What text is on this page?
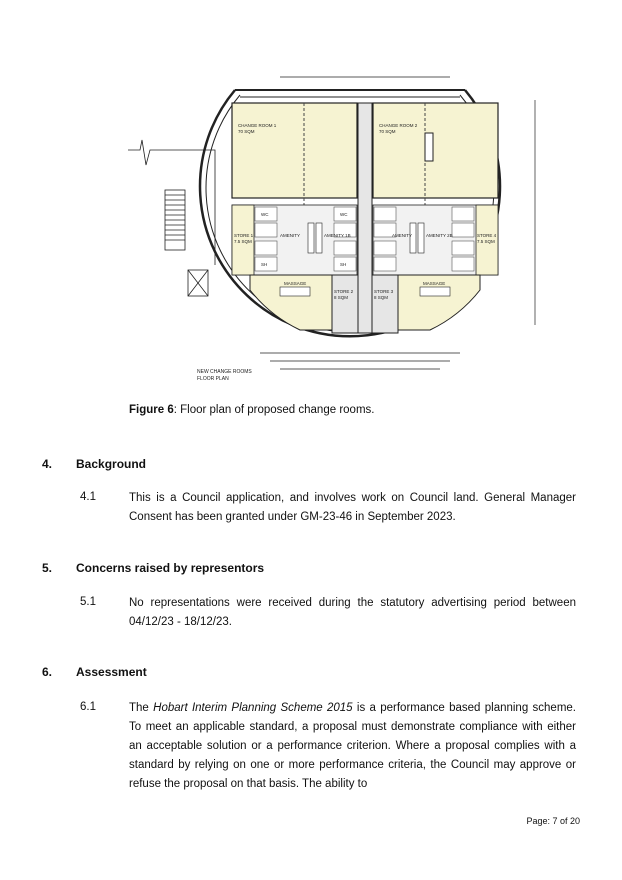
CHANGE ROOM 1
70 SQM
CHANGE ROOM 2
70 SQM
STORE 1
7.5 SQM
STORE 4
7.5 SQM
STORE 2
8 SQM
STORE 3
8 SQM
MASSAGE	MASSAGE
AMENITY	AMENITY 1B	AMENITY	AMENITY 2B
WC	WC
SH	SH
NEW CHANGE ROOMS
FLOOR PLAN
Figure 6: Floor plan of proposed change rooms.
4. Background
4.1	This is a Council application, and involves work on Council land. General Manager Consent has been granted under GM-23-46 in September 2023.
5. Concerns raised by representors
5.1	No representations were received during the statutory advertising period between 04/12/23 - 18/12/23.
6. Assessment
6.1	The Hobart Interim Planning Scheme 2015 is a performance based planning scheme. To meet an applicable standard, a proposal must demonstrate compliance with either an acceptable solution or a performance criterion. Where a proposal complies with a standard by relying on one or more performance criteria, the Council may approve or refuse the proposal on that basis. The ability to
Page: 7 of 20
